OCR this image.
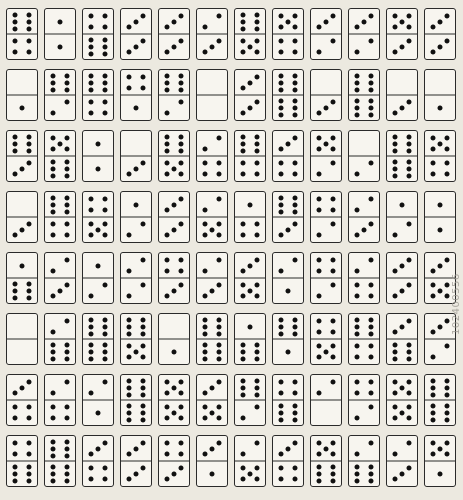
102400556
